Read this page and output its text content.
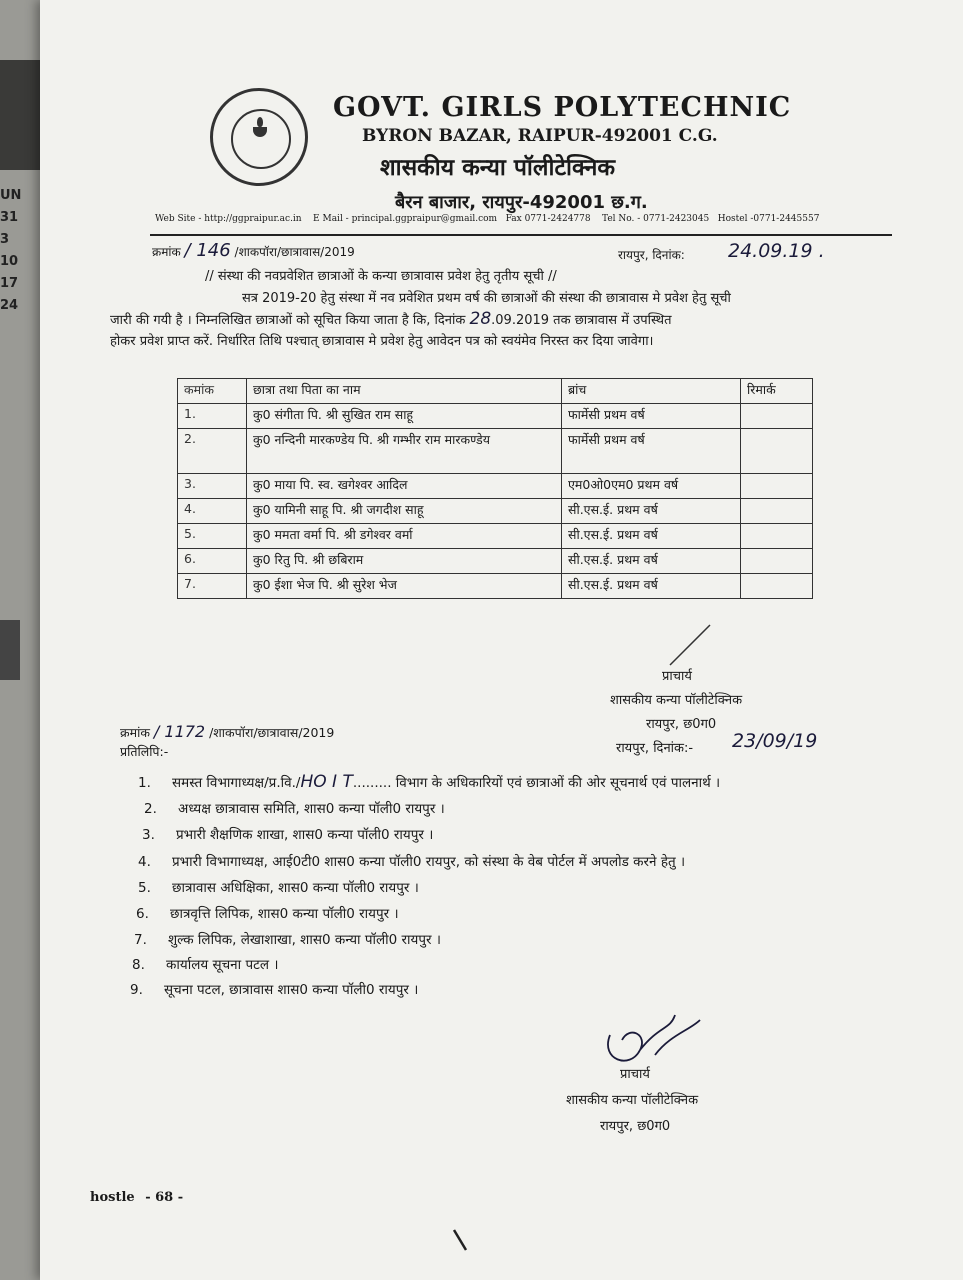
UN
31
3
10
17
24
GOVT. GIRLS POLYTECHNIC
BYRON BAZAR, RAIPUR-492001 C.G.
शासकीय कन्या पॉलीटेक्निक
बैरन बाजार, रायपुर-492001 छ.ग.
Web Site - http://ggpraipur.ac.in    E Mail - principal.ggpraipur@gmail.com   Fax 0771-2424778    Tel No. - 0771-2423045   Hostel -0771-2445557
क्रमांक / 146 /शाकपॉरा/छात्रावास/2019	रायपुर, दिनांक: 24.09.19 .
// संस्था की नवप्रवेशित छात्राओं के कन्या छात्रावास प्रवेश हेतु तृतीय सूची //
सत्र 2019-20 हेतु संस्था में नव प्रवेशित प्रथम वर्ष की छात्राओं की संस्था की छात्रावास मे प्रवेश हेतु सूची
जारी की गयी है । निम्नलिखित छात्राओं को सूचित किया जाता है कि, दिनांक 28.09.2019 तक छात्रावास में उपस्थित
होकर प्रवेश प्राप्त करें. निर्धारित तिथि पश्चात् छात्रावास मे प्रवेश हेतु आवेदन पत्र को स्वयंमेव निरस्त कर दिया जावेगा।
कमांक	छात्रा तथा पिता का नाम	ब्रांच	रिमार्क
1.	कु0 संगीता पि. श्री सुखित राम साहू	फार्मेसी प्रथम वर्ष	
2.	कु0 नन्दिनी मारकण्डेय पि. श्री गम्भीर राम मारकण्डेय	फार्मेसी प्रथम वर्ष	
3.	कु0 माया पि. स्व. खगेश्वर आदिल	एम0ओ0एम0 प्रथम वर्ष	
4.	कु0 यामिनी साहू पि. श्री जगदीश साहू	सी.एस.ई. प्रथम वर्ष	
5.	कु0 ममता वर्मा पि. श्री डगेश्वर वर्मा	सी.एस.ई. प्रथम वर्ष	
6.	कु0 रितु पि. श्री छबिराम	सी.एस.ई. प्रथम वर्ष	
7.	कु0 ईशा भेज पि. श्री सुरेश भेज	सी.एस.ई. प्रथम वर्ष	
प्राचार्य
शासकीय कन्या पॉलीटेक्निक
रायपुर, छ0ग0
क्रमांक / 1172 /शाकपॉरा/छात्रावास/2019
प्रतिलिपि:-	रायपुर, दिनांक:- 23/09/19
1. समस्त विभागाध्यक्ष/प्र.वि./HO I T......... विभाग के अधिकारियों एवं छात्राओं की ओर सूचनार्थ एवं पालनार्थ ।
2. अध्यक्ष छात्रावास समिति, शास0 कन्या पॉली0 रायपुर ।
3. प्रभारी शैक्षणिक शाखा, शास0 कन्या पॉली0 रायपुर ।
4. प्रभारी विभागाध्यक्ष, आई0टी0 शास0 कन्या पॉली0 रायपुर, को संस्था के वेब पोर्टल में अपलोड करने हेतु ।
5. छात्रावास अधिक्षिका, शास0 कन्या पॉली0 रायपुर ।
6. छात्रवृत्ति लिपिक, शास0 कन्या पॉली0 रायपुर ।
7. शुल्क लिपिक, लेखाशाखा, शास0 कन्या पॉली0 रायपुर ।
8. कार्यालय सूचना पटल ।
9. सूचना पटल, छात्रावास शास0 कन्या पॉली0 रायपुर ।
प्राचार्य
शासकीय कन्या पॉलीटेक्निक
रायपुर, छ0ग0
hostle - 68 -
